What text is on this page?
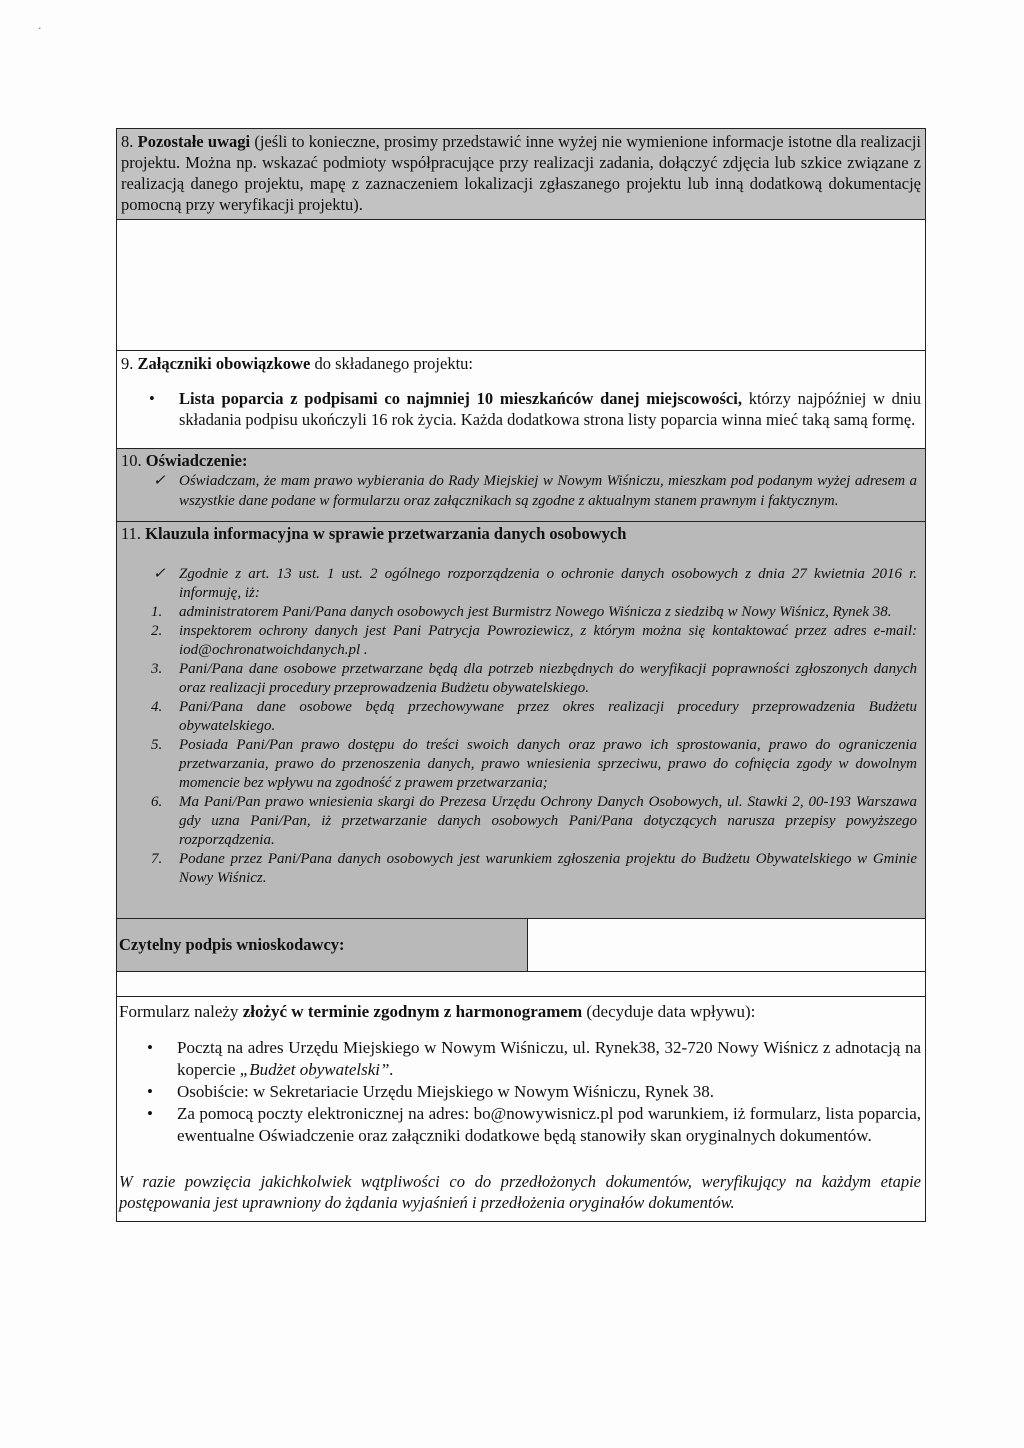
·
8. Pozostałe uwagi (jeśli to konieczne, prosimy przedstawić inne wyżej nie wymienione informacje istotne dla realizacji projektu. Można np. wskazać podmioty współpracujące przy realizacji zadania, dołączyć zdjęcia lub szkice związane z realizacją danego projektu, mapę z zaznaczeniem lokalizacji zgłaszanego projektu lub inną dodatkową dokumentację pomocną przy weryfikacji projektu).
9. Załączniki obowiązkowe do składanego projektu:
• Lista poparcia z podpisami co najmniej 10 mieszkańców danej miejscowości, którzy najpóźniej w dniu składania podpisu ukończyli 16 rok życia. Każda dodatkowa strona listy poparcia winna mieć taką samą formę.
10. Oświadczenie:
✓ Oświadczam, że mam prawo wybierania do Rady Miejskiej w Nowym Wiśniczu, mieszkam pod podanym wyżej adresem a wszystkie dane podane w formularzu oraz załącznikach są zgodne z aktualnym stanem prawnym i faktycznym.
11. Klauzula informacyjna w sprawie przetwarzania danych osobowych
✓ Zgodnie z art. 13 ust. 1 ust. 2 ogólnego rozporządzenia o ochronie danych osobowych z dnia 27 kwietnia 2016 r. informuję, iż:
1. administratorem Pani/Pana danych osobowych jest Burmistrz Nowego Wiśnicza z siedzibą w Nowy Wiśnicz, Rynek 38.
2. inspektorem ochrony danych jest Pani Patrycja Powroziewicz, z którym można się kontaktować przez adres e-mail: iod@ochronatwoichdanych.pl .
3. Pani/Pana dane osobowe przetwarzane będą dla potrzeb niezbędnych do weryfikacji poprawności zgłoszonych danych oraz realizacji procedury przeprowadzenia Budżetu obywatelskiego.
4. Pani/Pana dane osobowe będą przechowywane przez okres realizacji procedury przeprowadzenia Budżetu obywatelskiego.
5. Posiada Pani/Pan prawo dostępu do treści swoich danych oraz prawo ich sprostowania, prawo do ograniczenia przetwarzania, prawo do przenoszenia danych, prawo wniesienia sprzeciwu, prawo do cofnięcia zgody w dowolnym momencie bez wpływu na zgodność z prawem przetwarzania;
6. Ma Pani/Pan prawo wniesienia skargi do Prezesa Urzędu Ochrony Danych Osobowych, ul. Stawki 2, 00-193 Warszawa gdy uzna Pani/Pan, iż przetwarzanie danych osobowych Pani/Pana dotyczących narusza przepisy powyższego rozporządzenia.
7. Podane przez Pani/Pana danych osobowych jest warunkiem zgłoszenia projektu do Budżetu Obywatelskiego w Gminie Nowy Wiśnicz.
Czytelny podpis wnioskodawcy:
Formularz należy złożyć w terminie zgodnym z harmonogramem (decyduje data wpływu):
• Pocztą na adres Urzędu Miejskiego w Nowym Wiśniczu, ul. Rynek38, 32-720 Nowy Wiśnicz z adnotacją na kopercie „Budżet obywatelski”.
• Osobiście: w Sekretariacie Urzędu Miejskiego w Nowym Wiśniczu, Rynek 38.
• Za pomocą poczty elektronicznej na adres: bo@nowywisnicz.pl pod warunkiem, iż formularz, lista poparcia, ewentualne Oświadczenie oraz załączniki dodatkowe będą stanowiły skan oryginalnych dokumentów.
W razie powzięcia jakichkolwiek wątpliwości co do przedłożonych dokumentów, weryfikujący na każdym etapie postępowania jest uprawniony do żądania wyjaśnień i przedłożenia oryginałów dokumentów.
